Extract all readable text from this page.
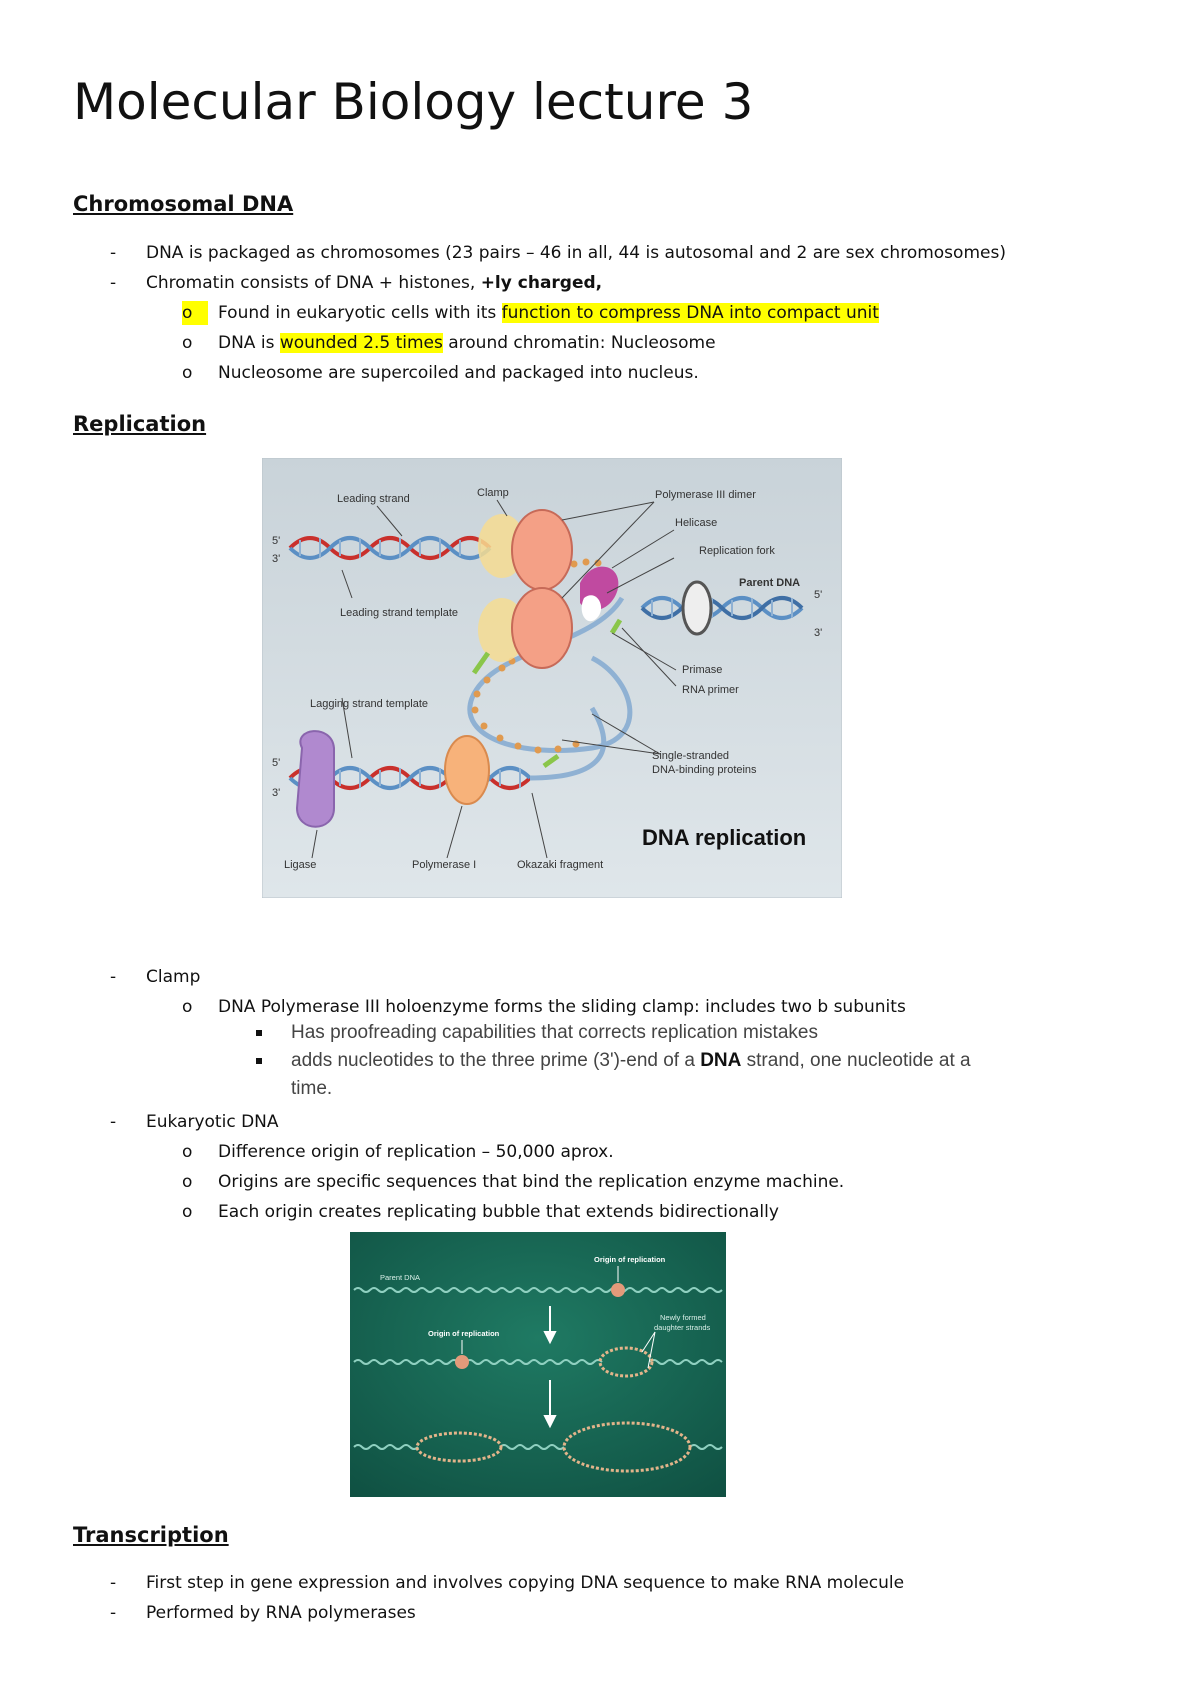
Molecular Biology lecture 3
Chromosomal DNA
- DNA is packaged as chromosomes (23 pairs – 46 in all, 44 is autosomal and 2 are sex chromosomes)
- Chromatin consists of DNA + histones, +ly charged,
o	Found in eukaryotic cells with its function to compress DNA into compact unit
o DNA is wounded 2.5 times around chromatin: Nucleosome
o Nucleosome are supercoiled and packaged into nucleus.
Replication
Leading strand	Clamp	Polymerase III dimer
Helicase
Replication fork
Parent DNA
5'
3'
5'
3'
Leading strand template
Primase
RNA primer
Lagging strand template
5'
3'
Single-stranded
DNA-binding proteins
Ligase	Polymerase I	Okazaki fragment
DNA replication
- Clamp
o DNA Polymerase III holoenzyme forms the sliding clamp: includes two b subunits
Has proofreading capabilities that corrects replication mistakes
adds nucleotides to the three prime (3')-end of a DNA strand, one nucleotide at a
time.
- Eukaryotic DNA
o Difference origin of replication – 50,000 aprox.
o Origins are specific sequences that bind the replication enzyme machine.
o Each origin creates replicating bubble that extends bidirectionally
Parent DNA
Origin of replication
Origin of replication
Newly formed
daughter strands
Transcription
- First step in gene expression and involves copying DNA sequence to make RNA molecule
- Performed by RNA polymerases
